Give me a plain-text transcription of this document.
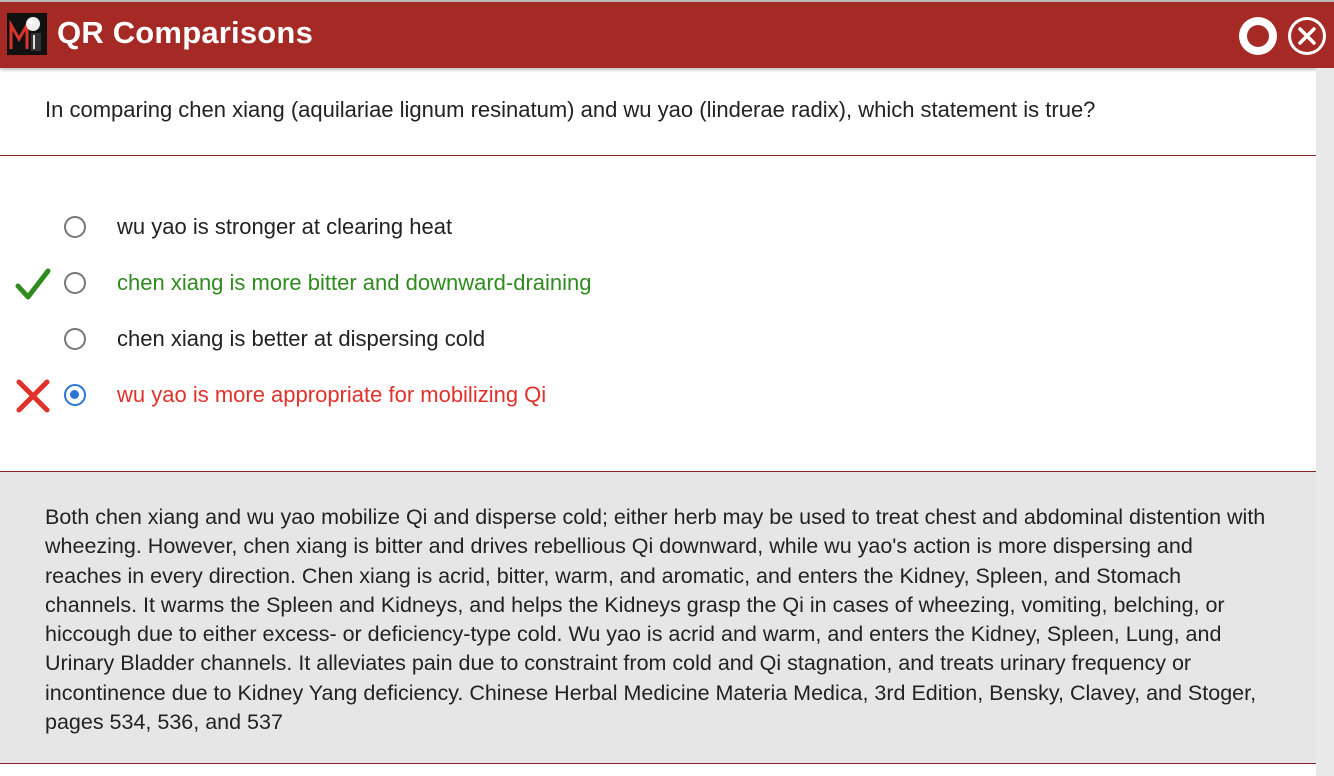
QR Comparisons
In comparing chen xiang (aquilariae lignum resinatum) and wu yao (linderae radix), which statement is true?
wu yao is stronger at clearing heat
chen xiang is more bitter and downward-draining
chen xiang is better at dispersing cold
wu yao is more appropriate for mobilizing Qi
Both chen xiang and wu yao mobilize Qi and disperse cold; either herb may be used to treat chest and abdominal distention with wheezing. However, chen xiang is bitter and drives rebellious Qi downward, while wu yao's action is more dispersing and reaches in every direction. Chen xiang is acrid, bitter, warm, and aromatic, and enters the Kidney, Spleen, and Stomach channels. It warms the Spleen and Kidneys, and helps the Kidneys grasp the Qi in cases of wheezing, vomiting, belching, or hiccough due to either excess- or deficiency-type cold. Wu yao is acrid and warm, and enters the Kidney, Spleen, Lung, and Urinary Bladder channels. It alleviates pain due to constraint from cold and Qi stagnation, and treats urinary frequency or incontinence due to Kidney Yang deficiency. Chinese Herbal Medicine Materia Medica, 3rd Edition, Bensky, Clavey, and Stoger, pages 534, 536, and 537
